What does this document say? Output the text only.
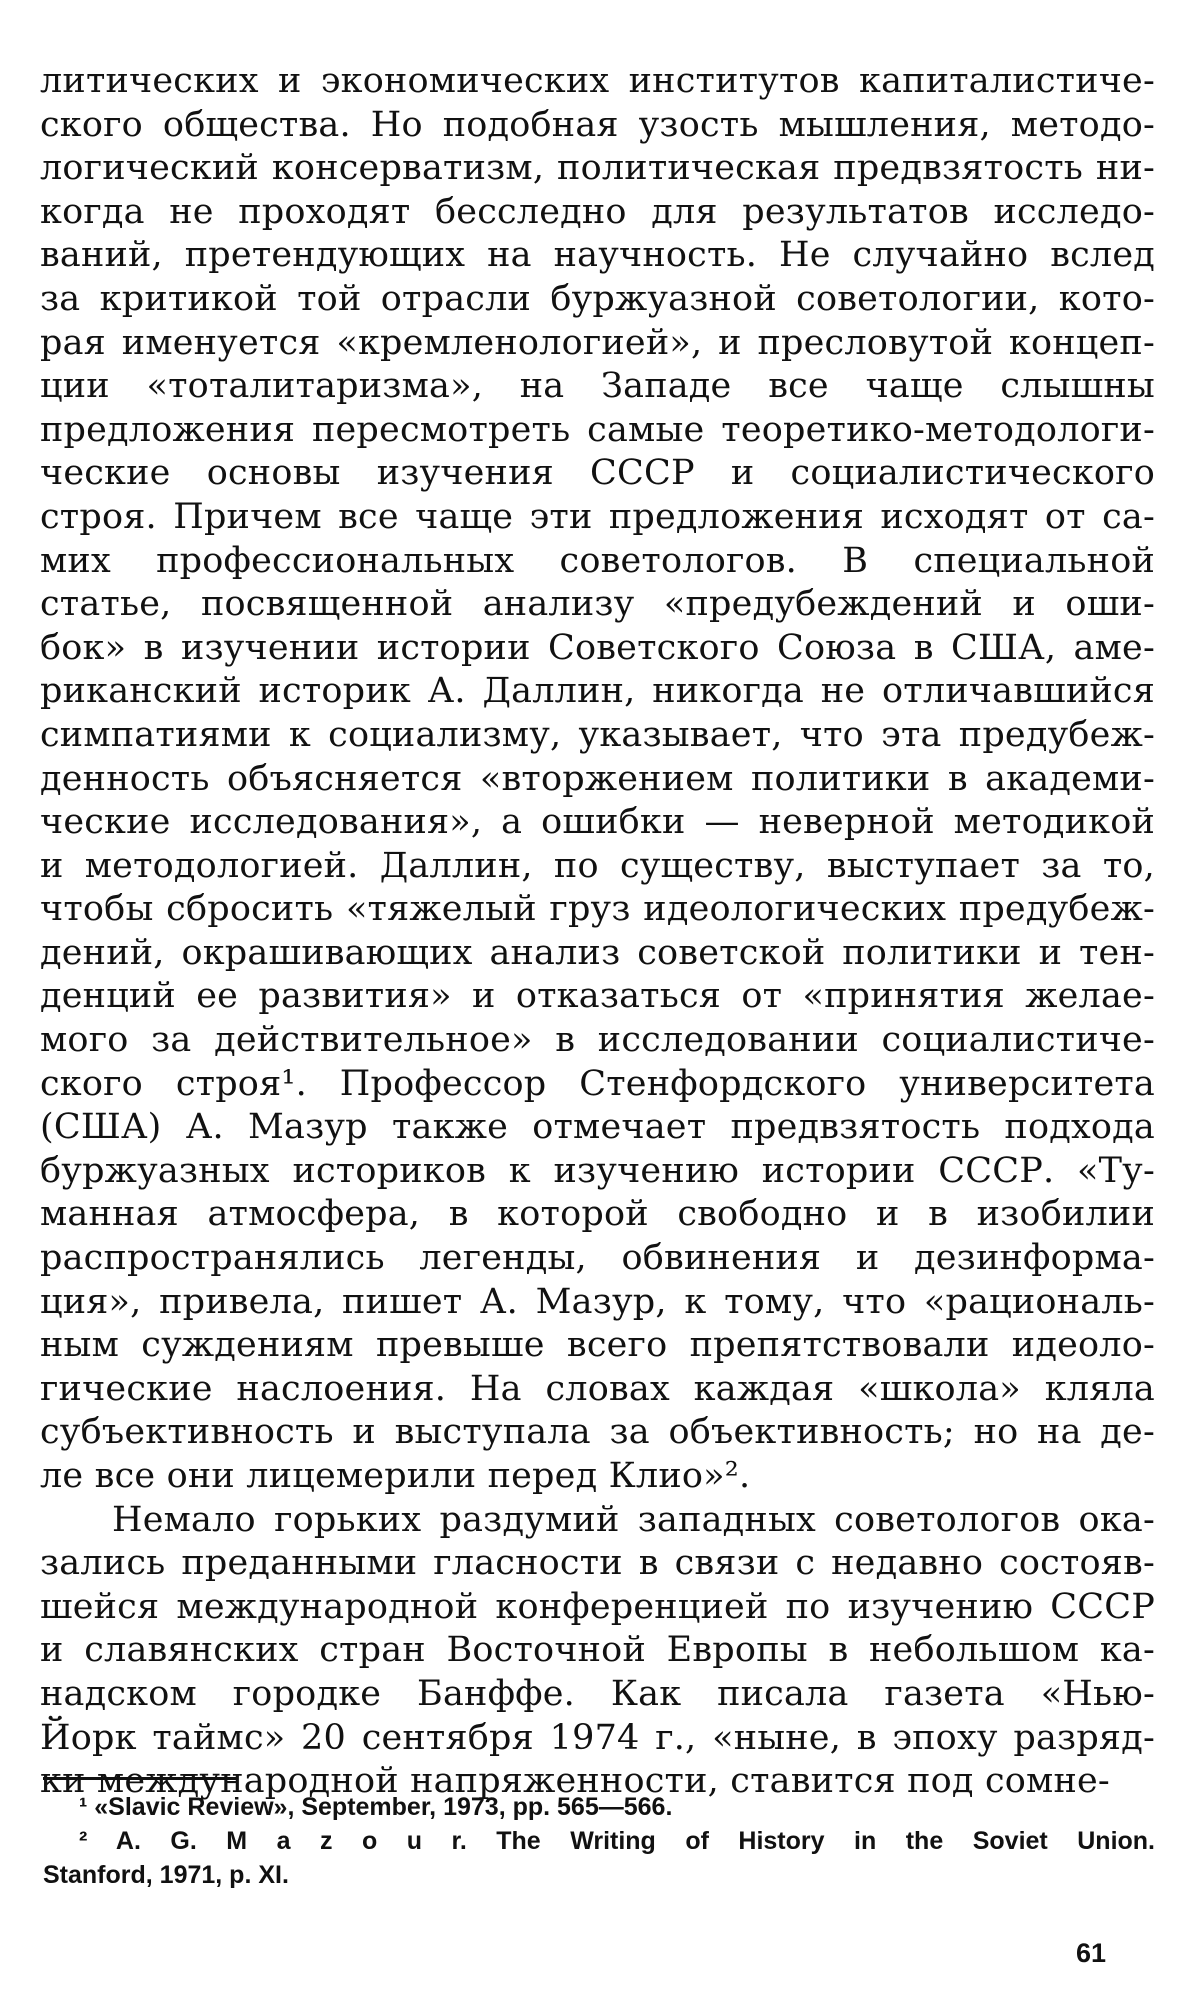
литических и экономических институтов капиталистиче-
ского общества. Но подобная узость мышления, методо-
логический консерватизм, политическая предвзятость ни-
когда не проходят бесследно для результатов исследо-
ваний, претендующих на научность. Не случайно вслед
за критикой той отрасли буржуазной советологии, кото-
рая именуется «кремленологией», и пресловутой концеп-
ции «тоталитаризма», на Западе все чаще слышны
предложения пересмотреть самые теоретико-методологи-
ческие основы изучения СССР и социалистического
строя. Причем все чаще эти предложения исходят от са-
мих профессиональных советологов. В специальной
статье, посвященной анализу «предубеждений и оши-
бок» в изучении истории Советского Союза в США, аме-
риканский историк А. Даллин, никогда не отличавшийся
симпатиями к социализму, указывает, что эта предубеж-
денность объясняется «вторжением политики в академи-
ческие исследования», а ошибки — неверной методикой
и методологией. Даллин, по существу, выступает за то,
чтобы сбросить «тяжелый груз идеологических предубеж-
дений, окрашивающих анализ советской политики и тен-
денций ее развития» и отказаться от «принятия желае-
мого за действительное» в исследовании социалистиче-
ского строя¹. Профессор Стенфордского университета
(США) А. Мазур также отмечает предвзятость подхода
буржуазных историков к изучению истории СССР. «Ту-
манная атмосфера, в которой свободно и в изобилии
распространялись легенды, обвинения и дезинформа-
ция», привела, пишет А. Мазур, к тому, что «рациональ-
ным суждениям превыше всего препятствовали идеоло-
гические наслоения. На словах каждая «школа» кляла
субъективность и выступала за объективность; но на де-
ле все они лицемерили перед Клио»².
Немало горьких раздумий западных советологов ока-
зались преданными гласности в связи с недавно состояв-
шейся международной конференцией по изучению СССР
и славянских стран Восточной Европы в небольшом ка-
надском городке Банффе. Как писала газета «Нью-
Йорк таймс» 20 сентября 1974 г., «ныне, в эпоху разряд-
ки международной напряженности, ставится под сомне-
¹ «Slavic Review», September, 1973, pp. 565—566.
² A. G. M a z o u r. The Writing of History in the Soviet Union.
Stanford, 1971, p. XI.
61
